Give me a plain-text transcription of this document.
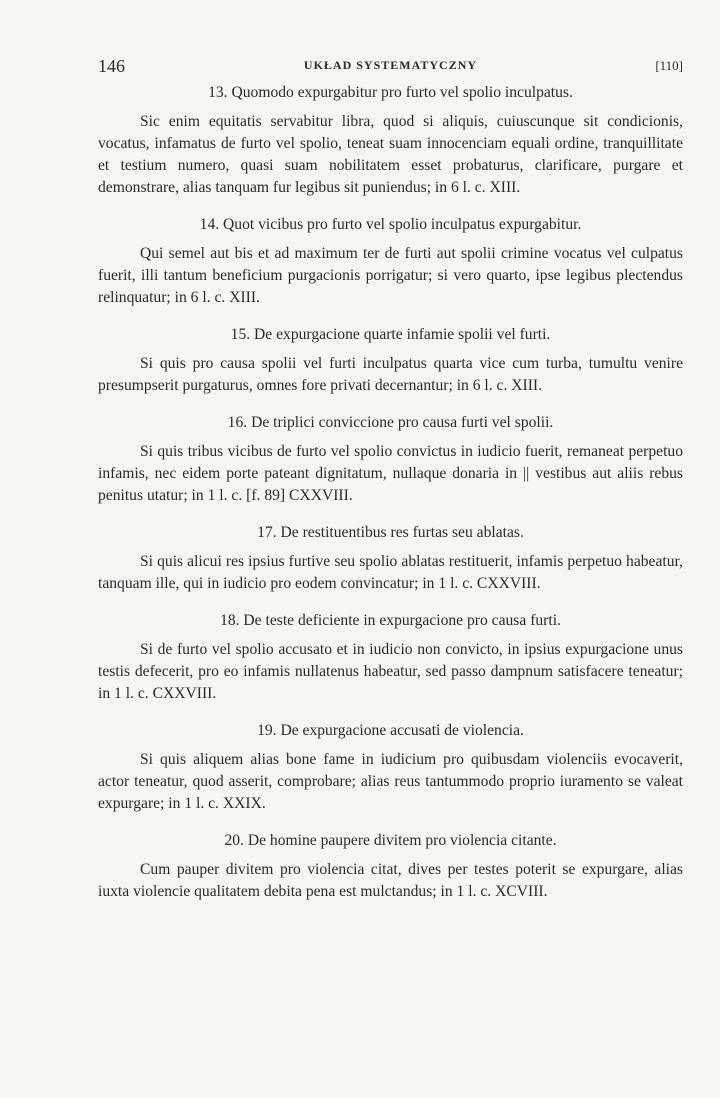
146	UKŁAD SYSTEMATYCZNY	[110]

13. Quomodo expurgabitur pro furto vel spolio inculpatus.

Sic enim equitatis servabitur libra, quod si aliquis, cuiuscunque sit condicionis, vocatus, infamatus de furto vel spolio, teneat suam innocenciam equali ordine, tranquillitate et testium numero, quasi suam nobilitatem esset probaturus, clarificare, purgare et demonstrare, alias tanquam fur legibus sit puniendus; in 6 l. c. XIII.

14. Quot vicibus pro furto vel spolio inculpatus expurgabitur.

Qui semel aut bis et ad maximum ter de furti aut spolii crimine vocatus vel culpatus fuerit, illi tantum beneficium purgacionis porrigatur; si vero quarto, ipse legibus plectendus relinquatur; in 6 l. c. XIII.

15. De expurgacione quarte infamie spolii vel furti.

Si quis pro causa spolii vel furti inculpatus quarta vice cum turba, tumultu venire presumpserit purgaturus, omnes fore privati decernantur; in 6 l. c. XIII.

16. De triplici conviccione pro causa furti vel spolii.

Si quis tribus vicibus de furto vel spolio convictus in iudicio fuerit, remaneat perpetuo infamis, nec eidem porte pateant dignitatum, nullaque donaria in || vestibus aut aliis rebus penitus utatur; in 1 l. c. [f. 89] CXXVIII.

17. De restituentibus res furtas seu ablatas.

Si quis alicui res ipsius furtive seu spolio ablatas restituerit, infamis perpetuo habeatur, tanquam ille, qui in iudicio pro eodem convincatur; in 1 l. c. CXXVIII.

18. De teste deficiente in expurgacione pro causa furti.

Si de furto vel spolio accusato et in iudicio non convicto, in ipsius expurgacione unus testis defecerit, pro eo infamis nullatenus habeatur, sed passo dampnum satisfacere teneatur; in 1 l. c. CXXVIII.

19. De expurgacione accusati de violencia.

Si quis aliquem alias bone fame in iudicium pro quibusdam violenciis evocaverit, actor teneatur, quod asserit, comprobare; alias reus tantummodo proprio iuramento se valeat expurgare; in 1 l. c. XXIX.

20. De homine paupere divitem pro violencia citante.

Cum pauper divitem pro violencia citat, dives per testes poterit se expurgare, alias iuxta violencie qualitatem debita pena est mulctandus; in 1 l. c. XCVIII.
